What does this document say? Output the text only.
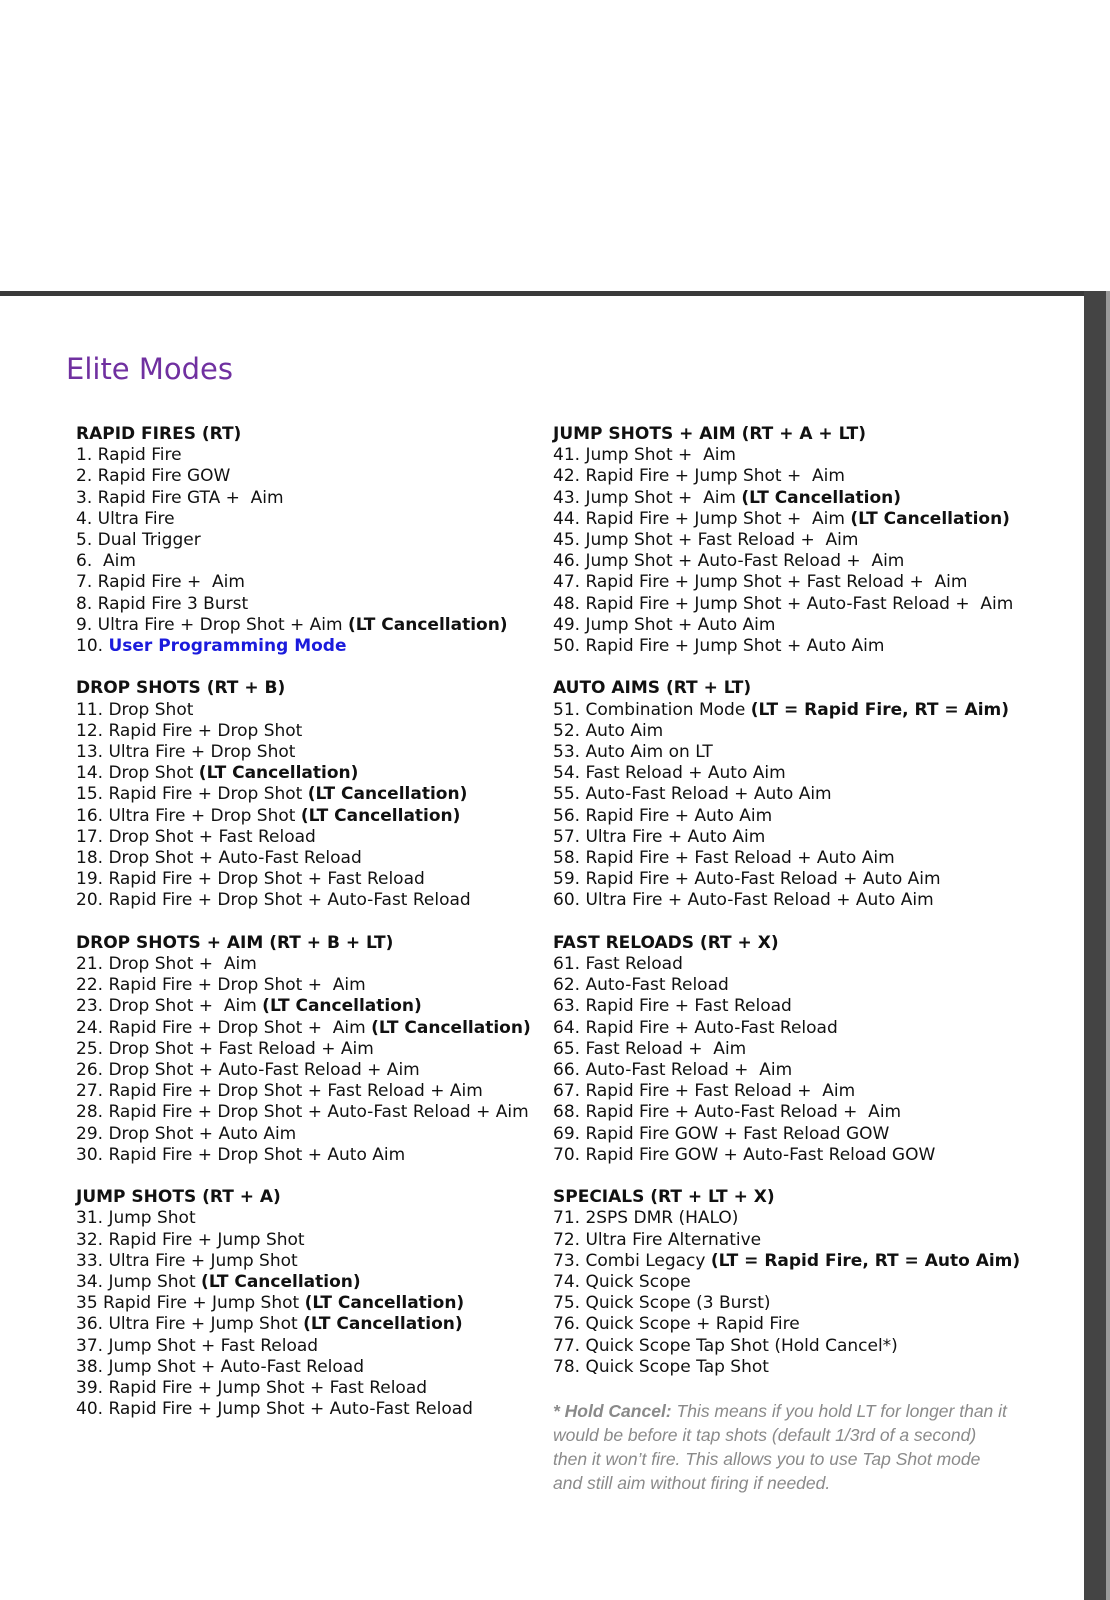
Elite Modes
RAPID FIRES (RT)
1. Rapid Fire
2. Rapid Fire GOW
3. Rapid Fire GTA +  Aim
4. Ultra Fire
5. Dual Trigger
6.  Aim
7. Rapid Fire +  Aim
8. Rapid Fire 3 Burst
9. Ultra Fire + Drop Shot + Aim (LT Cancellation)
10. User Programming Mode
DROP SHOTS (RT + B)
11. Drop Shot
12. Rapid Fire + Drop Shot
13. Ultra Fire + Drop Shot
14. Drop Shot (LT Cancellation)
15. Rapid Fire + Drop Shot (LT Cancellation)
16. Ultra Fire + Drop Shot (LT Cancellation)
17. Drop Shot + Fast Reload
18. Drop Shot + Auto-Fast Reload
19. Rapid Fire + Drop Shot + Fast Reload
20. Rapid Fire + Drop Shot + Auto-Fast Reload
DROP SHOTS + AIM (RT + B + LT)
21. Drop Shot +  Aim
22. Rapid Fire + Drop Shot +  Aim
23. Drop Shot +  Aim (LT Cancellation)
24. Rapid Fire + Drop Shot +  Aim (LT Cancellation)
25. Drop Shot + Fast Reload + Aim
26. Drop Shot + Auto-Fast Reload + Aim
27. Rapid Fire + Drop Shot + Fast Reload + Aim
28. Rapid Fire + Drop Shot + Auto-Fast Reload + Aim
29. Drop Shot + Auto Aim
30. Rapid Fire + Drop Shot + Auto Aim
JUMP SHOTS (RT + A)
31. Jump Shot
32. Rapid Fire + Jump Shot
33. Ultra Fire + Jump Shot
34. Jump Shot (LT Cancellation)
35 Rapid Fire + Jump Shot (LT Cancellation)
36. Ultra Fire + Jump Shot (LT Cancellation)
37. Jump Shot + Fast Reload
38. Jump Shot + Auto-Fast Reload
39. Rapid Fire + Jump Shot + Fast Reload
40. Rapid Fire + Jump Shot + Auto-Fast Reload
JUMP SHOTS + AIM (RT + A + LT)
41. Jump Shot +  Aim
42. Rapid Fire + Jump Shot +  Aim
43. Jump Shot +  Aim (LT Cancellation)
44. Rapid Fire + Jump Shot +  Aim (LT Cancellation)
45. Jump Shot + Fast Reload +  Aim
46. Jump Shot + Auto-Fast Reload +  Aim
47. Rapid Fire + Jump Shot + Fast Reload +  Aim
48. Rapid Fire + Jump Shot + Auto-Fast Reload +  Aim
49. Jump Shot + Auto Aim
50. Rapid Fire + Jump Shot + Auto Aim
AUTO AIMS (RT + LT)
51. Combination Mode (LT = Rapid Fire, RT = Aim)
52. Auto Aim
53. Auto Aim on LT
54. Fast Reload + Auto Aim
55. Auto-Fast Reload + Auto Aim
56. Rapid Fire + Auto Aim
57. Ultra Fire + Auto Aim
58. Rapid Fire + Fast Reload + Auto Aim
59. Rapid Fire + Auto-Fast Reload + Auto Aim
60. Ultra Fire + Auto-Fast Reload + Auto Aim
FAST RELOADS (RT + X)
61. Fast Reload
62. Auto-Fast Reload
63. Rapid Fire + Fast Reload
64. Rapid Fire + Auto-Fast Reload
65. Fast Reload +  Aim
66. Auto-Fast Reload +  Aim
67. Rapid Fire + Fast Reload +  Aim
68. Rapid Fire + Auto-Fast Reload +  Aim
69. Rapid Fire GOW + Fast Reload GOW
70. Rapid Fire GOW + Auto-Fast Reload GOW
SPECIALS (RT + LT + X)
71. 2SPS DMR (HALO)
72. Ultra Fire Alternative
73. Combi Legacy (LT = Rapid Fire, RT = Auto Aim)
74. Quick Scope
75. Quick Scope (3 Burst)
76. Quick Scope + Rapid Fire
77. Quick Scope Tap Shot (Hold Cancel*)
78. Quick Scope Tap Shot
* Hold Cancel: This means if you hold LT for longer than it would be before it tap shots (default 1/3rd of a second) then it won’t fire. This allows you to use Tap Shot mode and still aim without firing if needed.
